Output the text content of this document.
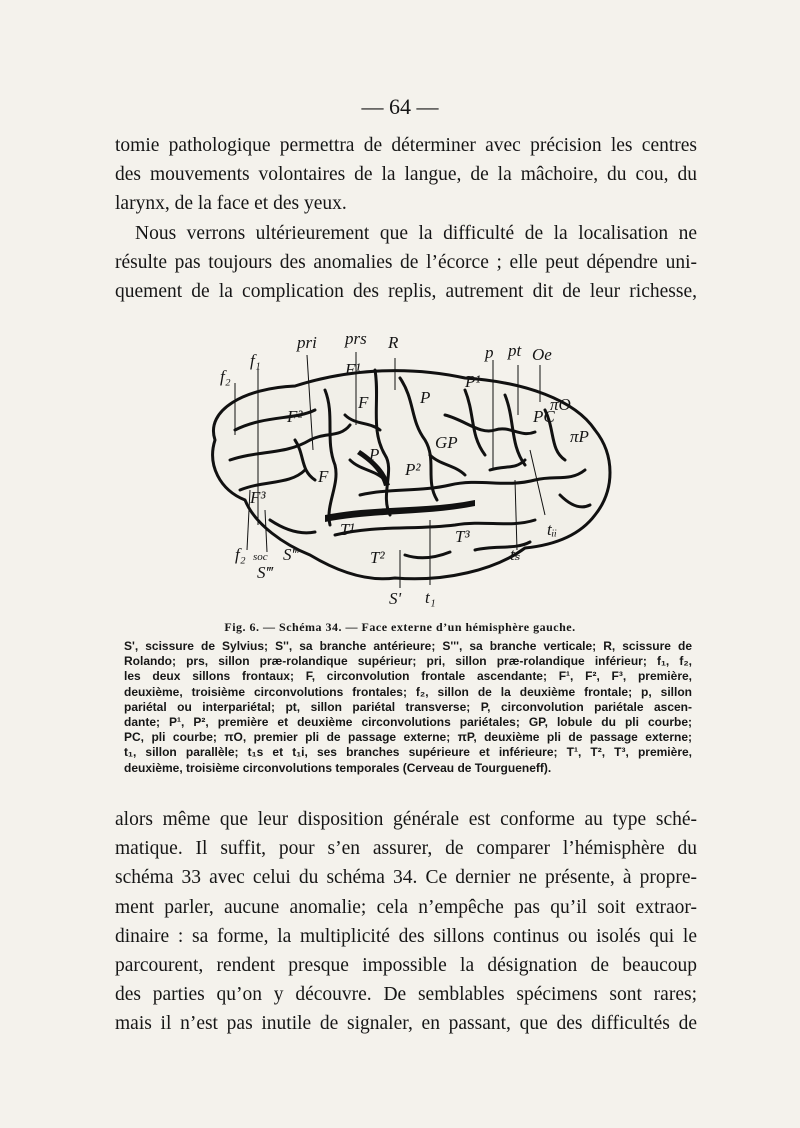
— 64 —
tomie pathologique permettra de déterminer avec précision les centres
des mouvements volontaires de la langue, de la mâchoire, du cou, du
larynx, de la face et des yeux.
Nous verrons ultérieurement que la difficulté de la localisation ne
résulte pas toujours des anomalies de l’écorce ; elle peut dépendre uni-
quement de la complication des replis, autrement dit de leur richesse,
pri prs R
f₁
f₂
p pt Oe
F¹
F²
F³
F
F
P
P
P¹
P²
GP
PC
πO
πP
T¹
T²
T³	tᵢᵢ
tₛ
t₁
f₂ soc S‴
S‴
S'
Fig. 6. — Schéma 34. — Face externe d’un hémisphère gauche.
S', scissure de Sylvius; S'', sa branche antérieure; S''', sa branche verticale; R, scissure de
Rolando; prs, sillon præ-rolandique supérieur; pri, sillon præ-rolandique inférieur; f₁, f₂,
les deux sillons frontaux; F, circonvolution frontale ascendante; F¹, F², F³, première,
deuxième, troisième circonvolutions frontales; f₂, sillon de la deuxième frontale; p, sillon
pariétal ou interpariétal; pt, sillon pariétal transverse; P, circonvolution pariétale ascen-
dante; P¹, P², première et deuxième circonvolutions pariétales; GP, lobule du pli courbe;
PC, pli courbe; πO, premier pli de passage externe; πP, deuxième pli de passage externe;
t₁, sillon parallèle; t₁s et t₁i, ses branches supérieure et inférieure; T¹, T², T³, première,
deuxième, troisième circonvolutions temporales (Cerveau de Tourgueneff).
alors même que leur disposition générale est conforme au type sché-
matique. Il suffit, pour s’en assurer, de comparer l’hémisphère du
schéma 33 avec celui du schéma 34. Ce dernier ne présente, à propre-
ment parler, aucune anomalie; cela n’empêche pas qu’il soit extraor-
dinaire : sa forme, la multiplicité des sillons continus ou isolés qui le
parcourent, rendent presque impossible la désignation de beaucoup
des parties qu’on y découvre. De semblables spécimens sont rares;
mais il n’est pas inutile de signaler, en passant, que des difficultés de
